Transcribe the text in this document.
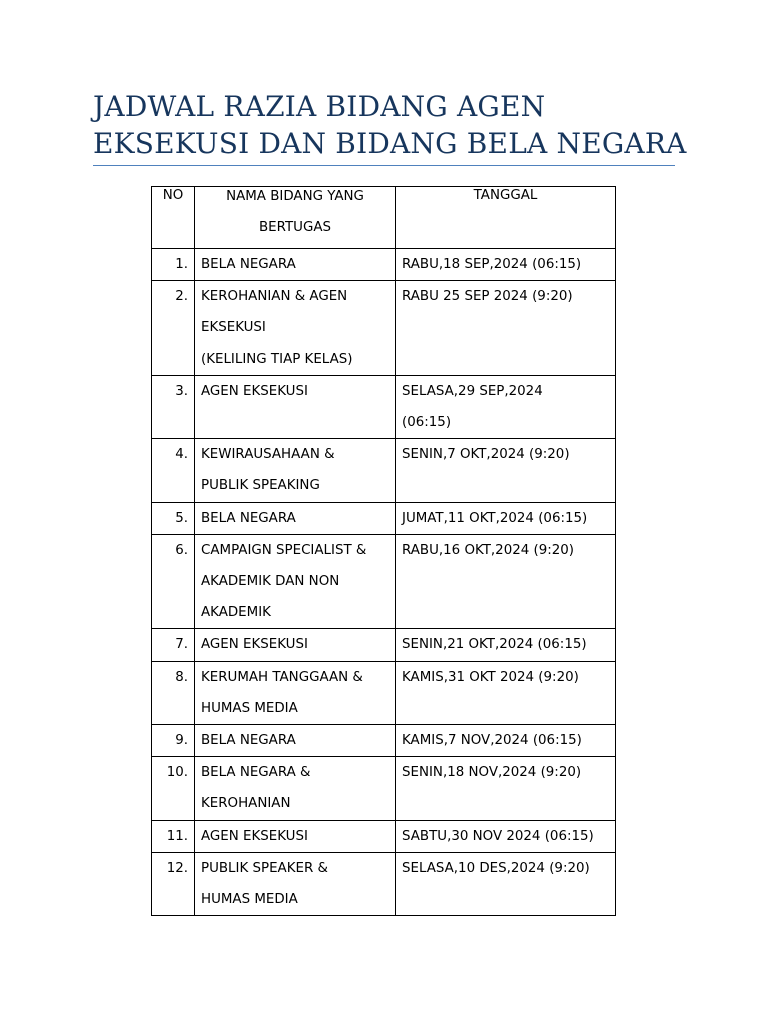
JADWAL RAZIA BIDANG AGEN
EKSEKUSI DAN BIDANG BELA NEGARA
NO	NAMA BIDANG YANG
BERTUGAS	TANGGAL
1.	BELA NEGARA	RABU,18 SEP,2024 (06:15)

2.	KEROHANIAN & AGEN
EKSEKUSI
(KELILING TIAP KELAS)	RABU 25 SEP 2024 (9:20)

3.	AGEN EKSEKUSI	SELASA,29 SEP,2024
(06:15)

4.	KEWIRAUSAHAAN &
PUBLIK SPEAKING	SENIN,7 OKT,2024 (9:20)

5.	BELA NEGARA	JUMAT,11 OKT,2024 (06:15)

6.	CAMPAIGN SPECIALIST &
AKADEMIK DAN NON
AKADEMIK	RABU,16 OKT,2024 (9:20)

7.	AGEN EKSEKUSI	SENIN,21 OKT,2024 (06:15)

8.	KERUMAH TANGGAAN &
HUMAS MEDIA	KAMIS,31 OKT 2024 (9:20)

9.	BELA NEGARA	KAMIS,7 NOV,2024 (06:15)

10.	BELA NEGARA &
KEROHANIAN	SENIN,18 NOV,2024 (9:20)

11.	AGEN EKSEKUSI	SABTU,30 NOV 2024 (06:15)

12.	PUBLIK SPEAKER &
HUMAS MEDIA	SELASA,10 DES,2024 (9:20)
